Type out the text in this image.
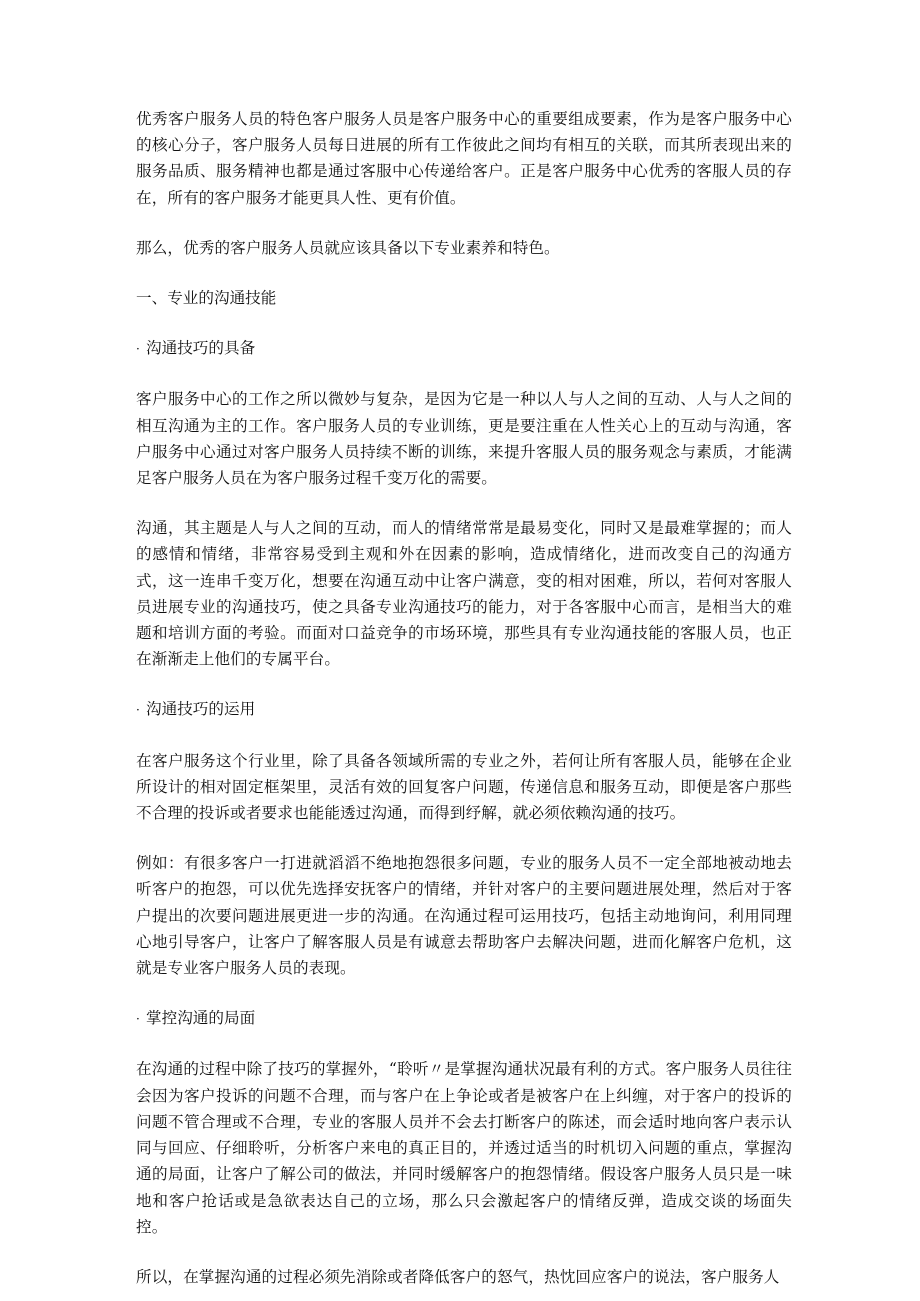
优秀客户服务人员的特色客户服务人员是客户服务中心的重要组成要素，作为是客户服务中心的核心分子，客户服务人员每日进展的所有工作彼此之间均有相互的关联，而其所表现出来的服务品质、服务精神也都是通过客服中心传递给客户。正是客户服务中心优秀的客服人员的存在，所有的客户服务才能更具人性、更有价值。

那么，优秀的客户服务人员就应该具备以下专业素养和特色。

一、专业的沟通技能

· 沟通技巧的具备

客户服务中心的工作之所以微妙与复杂，是因为它是一种以人与人之间的互动、人与人之间的相互沟通为主的工作。客户服务人员的专业训练，更是要注重在人性关心上的互动与沟通，客户服务中心通过对客户服务人员持续不断的训练，来提升客服人员的服务观念与素质，才能满足客户服务人员在为客户服务过程千变万化的需要。

沟通，其主题是人与人之间的互动，而人的情绪常常是最易变化，同时又是最难掌握的；而人的感情和情绪，非常容易受到主观和外在因素的影响，造成情绪化，进而改变自己的沟通方式，这一连串千变万化，想要在沟通互动中让客户满意，变的相对困难，所以，若何对客服人员进展专业的沟通技巧，使之具备专业沟通技巧的能力，对于各客服中心而言，是相当大的难题和培训方面的考验。而面对口益竞争的市场环境，那些具有专业沟通技能的客服人员，也正在渐渐走上他们的专属平台。

· 沟通技巧的运用

在客户服务这个行业里，除了具备各领域所需的专业之外，若何让所有客服人员，能够在企业所设计的相对固定框架里，灵活有效的回复客户问题，传递信息和服务互动，即便是客户那些不合理的投诉或者要求也能能透过沟通，而得到纾解，就必须依赖沟通的技巧。

例如：有很多客户一打进就滔滔不绝地抱怨很多问题，专业的服务人员不一定全部地被动地去听客户的抱怨，可以优先选择安抚客户的情绪，并针对客户的主要问题进展处理，然后对于客户提出的次要问题进展更进一步的沟通。在沟通过程可运用技巧，包括主动地询问，利用同理心地引导客户，让客户了解客服人员是有诚意去帮助客户去解决问题，进而化解客户危机，这就是专业客户服务人员的表现。

· 掌控沟通的局面

在沟通的过程中除了技巧的掌握外，“聆听〃是掌握沟通状况最有利的方式。客户服务人员往往会因为客户投诉的问题不合理，而与客户在上争论或者是被客户在上纠缠，对于客户的投诉的问题不管合理或不合理，专业的客服人员并不会去打断客户的陈述，而会适时地向客户表示认同与回应、仔细聆听，分析客户来电的真正目的，并透过适当的时机切入问题的重点，掌握沟通的局面，让客户了解公司的做法，并同时缓解客户的抱怨情绪。假设客户服务人员只是一味地和客户抢话或是急欲表达自己的立场，那么只会激起客户的情绪反弹，造成交谈的场面失控。

所以，在掌握沟通的过程必须先消除或者降低客户的怒气，热忱回应客户的说法，客户服务人
